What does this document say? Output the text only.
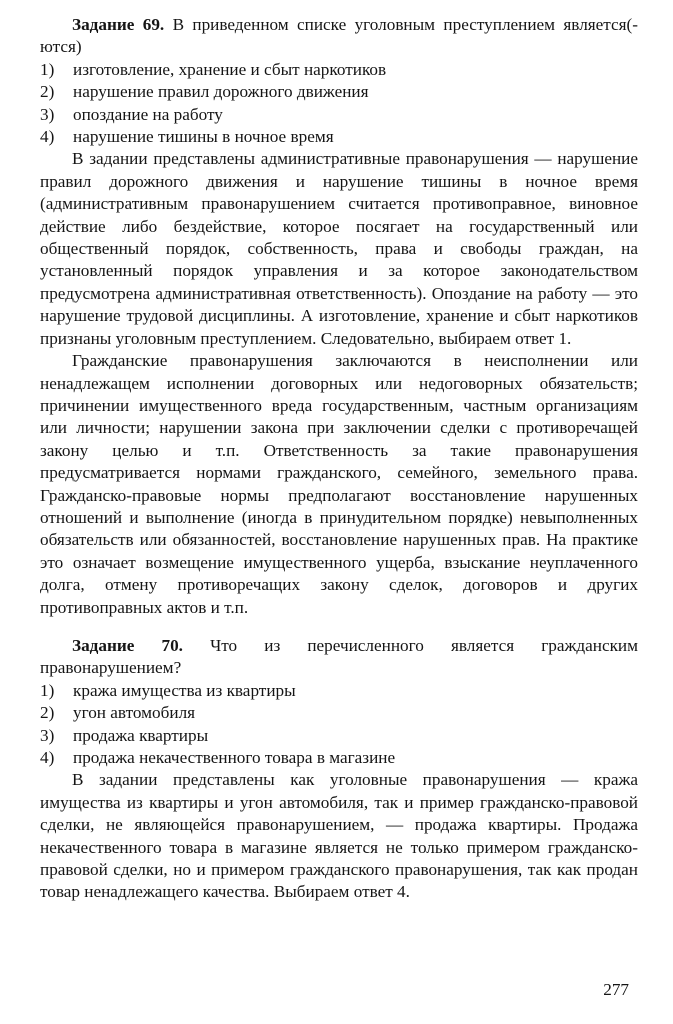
Задание 69. В приведенном списке уголовным преступлением является(-ются)

1) изготовление, хранение и сбыт наркотиков
2) нарушение правил дорожного движения
3) опоздание на работу
4) нарушение тишины в ночное время

В задании представлены административные правонарушения — нарушение правил дорожного движения и нарушение тишины в ночное время (административным правонарушением считается противоправное, виновное действие либо бездействие, которое посягает на государственный или общественный порядок, собственность, права и свободы граждан, на установленный порядок управления и за которое законодательством предусмотрена административная ответственность). Опоздание на работу — это нарушение трудовой дисциплины. А изготовление, хранение и сбыт наркотиков признаны уголовным преступлением. Следовательно, выбираем ответ 1.

Гражданские правонарушения заключаются в неисполнении или ненадлежащем исполнении договорных или недоговорных обязательств; причинении имущественного вреда государственным, частным организациям или личности; нарушении закона при заключении сделки с противоречащей закону целью и т.п. Ответственность за такие правонарушения предусматривается нормами гражданского, семейного, земельного права. Гражданско-правовые нормы предполагают восстановление нарушенных отношений и выполнение (иногда в принудительном порядке) невыполненных обязательств или обязанностей, восстановление нарушенных прав. На практике это означает возмещение имущественного ущерба, взыскание неуплаченного долга, отмену противоречащих закону сделок, договоров и других противоправных актов и т.п.

Задание 70. Что из перечисленного является гражданским правонарушением?

1) кража имущества из квартиры
2) угон автомобиля
3) продажа квартиры
4) продажа некачественного товара в магазине

В задании представлены как уголовные правонарушения — кража имущества из квартиры и угон автомобиля, так и пример гражданско-правовой сделки, не являющейся правонарушением, — продажа квартиры. Продажа некачественного товара в магазине является не только примером гражданско-правовой сделки, но и примером гражданского правонарушения, так как продан товар ненадлежащего качества. Выбираем ответ 4.

277
